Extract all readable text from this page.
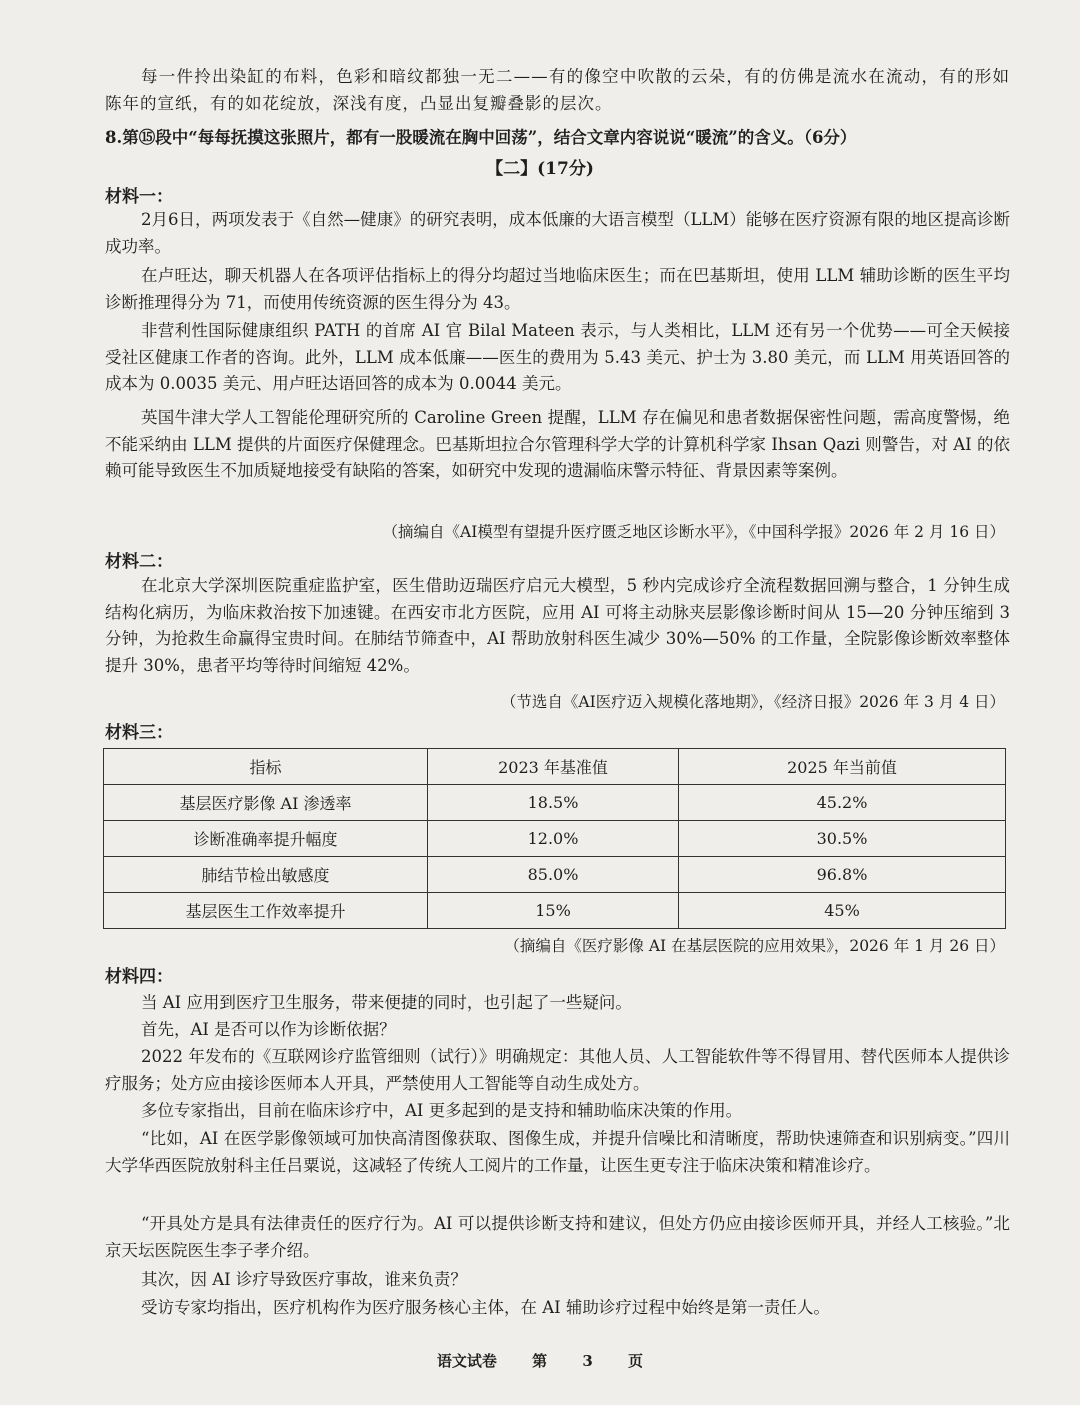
每一件拎出染缸的布料，色彩和暗纹都独一无二——有的像空中吹散的云朵，有的仿佛是流水在流动，有的形如陈年的宣纸，有的如花绽放，深浅有度，凸显出复瓣叠影的层次。
8.第⑮段中“每每抚摸这张照片，都有一股暖流在胸中回荡”，结合文章内容说说“暖流”的含义。（6分）
【二】(17分)
材料一：
2月6日，两项发表于《自然—健康》的研究表明，成本低廉的大语言模型（LLM）能够在医疗资源有限的地区提高诊断成功率。
在卢旺达，聊天机器人在各项评估指标上的得分均超过当地临床医生；而在巴基斯坦，使用 LLM 辅助诊断的医生平均诊断推理得分为 71，而使用传统资源的医生得分为 43。
非营利性国际健康组织 PATH 的首席 AI 官 Bilal Mateen 表示，与人类相比，LLM 还有另一个优势——可全天候接受社区健康工作者的咨询。此外，LLM 成本低廉——医生的费用为 5.43 美元、护士为 3.80 美元，而 LLM 用英语回答的成本为 0.0035 美元、用卢旺达语回答的成本为 0.0044 美元。
英国牛津大学人工智能伦理研究所的 Caroline Green 提醒，LLM 存在偏见和患者数据保密性问题，需高度警惕，绝不能采纳由 LLM 提供的片面医疗保健理念。巴基斯坦拉合尔管理科学大学的计算机科学家 Ihsan Qazi 则警告，对 AI 的依赖可能导致医生不加质疑地接受有缺陷的答案，如研究中发现的遗漏临床警示特征、背景因素等案例。
（摘编自《AI模型有望提升医疗匮乏地区诊断水平》，《中国科学报》2026 年 2 月 16 日）
材料二：
在北京大学深圳医院重症监护室，医生借助迈瑞医疗启元大模型，5 秒内完成诊疗全流程数据回溯与整合，1 分钟生成结构化病历，为临床救治按下加速键。在西安市北方医院，应用 AI 可将主动脉夹层影像诊断时间从 15—20 分钟压缩到 3 分钟，为抢救生命赢得宝贵时间。在肺结节筛查中，AI 帮助放射科医生减少 30%—50% 的工作量，全院影像诊断效率整体提升 30%，患者平均等待时间缩短 42%。
（节选自《AI医疗迈入规模化落地期》，《经济日报》2026 年 3 月 4 日）
材料三：
指标	2023 年基准值	2025 年当前值
基层医疗影像 AI 渗透率	18.5%	45.2%
诊断准确率提升幅度	12.0%	30.5%
肺结节检出敏感度	85.0%	96.8%
基层医生工作效率提升	15%	45%
（摘编自《医疗影像 AI 在基层医院的应用效果》，2026 年 1 月 26 日）
材料四：
当 AI 应用到医疗卫生服务，带来便捷的同时，也引起了一些疑问。
首先，AI 是否可以作为诊断依据？
2022 年发布的《互联网诊疗监管细则（试行）》明确规定：其他人员、人工智能软件等不得冒用、替代医师本人提供诊疗服务；处方应由接诊医师本人开具，严禁使用人工智能等自动生成处方。
多位专家指出，目前在临床诊疗中，AI 更多起到的是支持和辅助临床决策的作用。
“比如，AI 在医学影像领域可加快高清图像获取、图像生成，并提升信噪比和清晰度，帮助快速筛查和识别病变。”四川大学华西医院放射科主任吕粟说，这减轻了传统人工阅片的工作量，让医生更专注于临床决策和精准诊疗。
“开具处方是具有法律责任的医疗行为。AI 可以提供诊断支持和建议，但处方仍应由接诊医师开具，并经人工核验。”北京天坛医院医生李子孝介绍。
其次，因 AI 诊疗导致医疗事故，谁来负责？
受访专家均指出，医疗机构作为医疗服务核心主体，在 AI 辅助诊疗过程中始终是第一责任人。
语文试卷 第 3 页
